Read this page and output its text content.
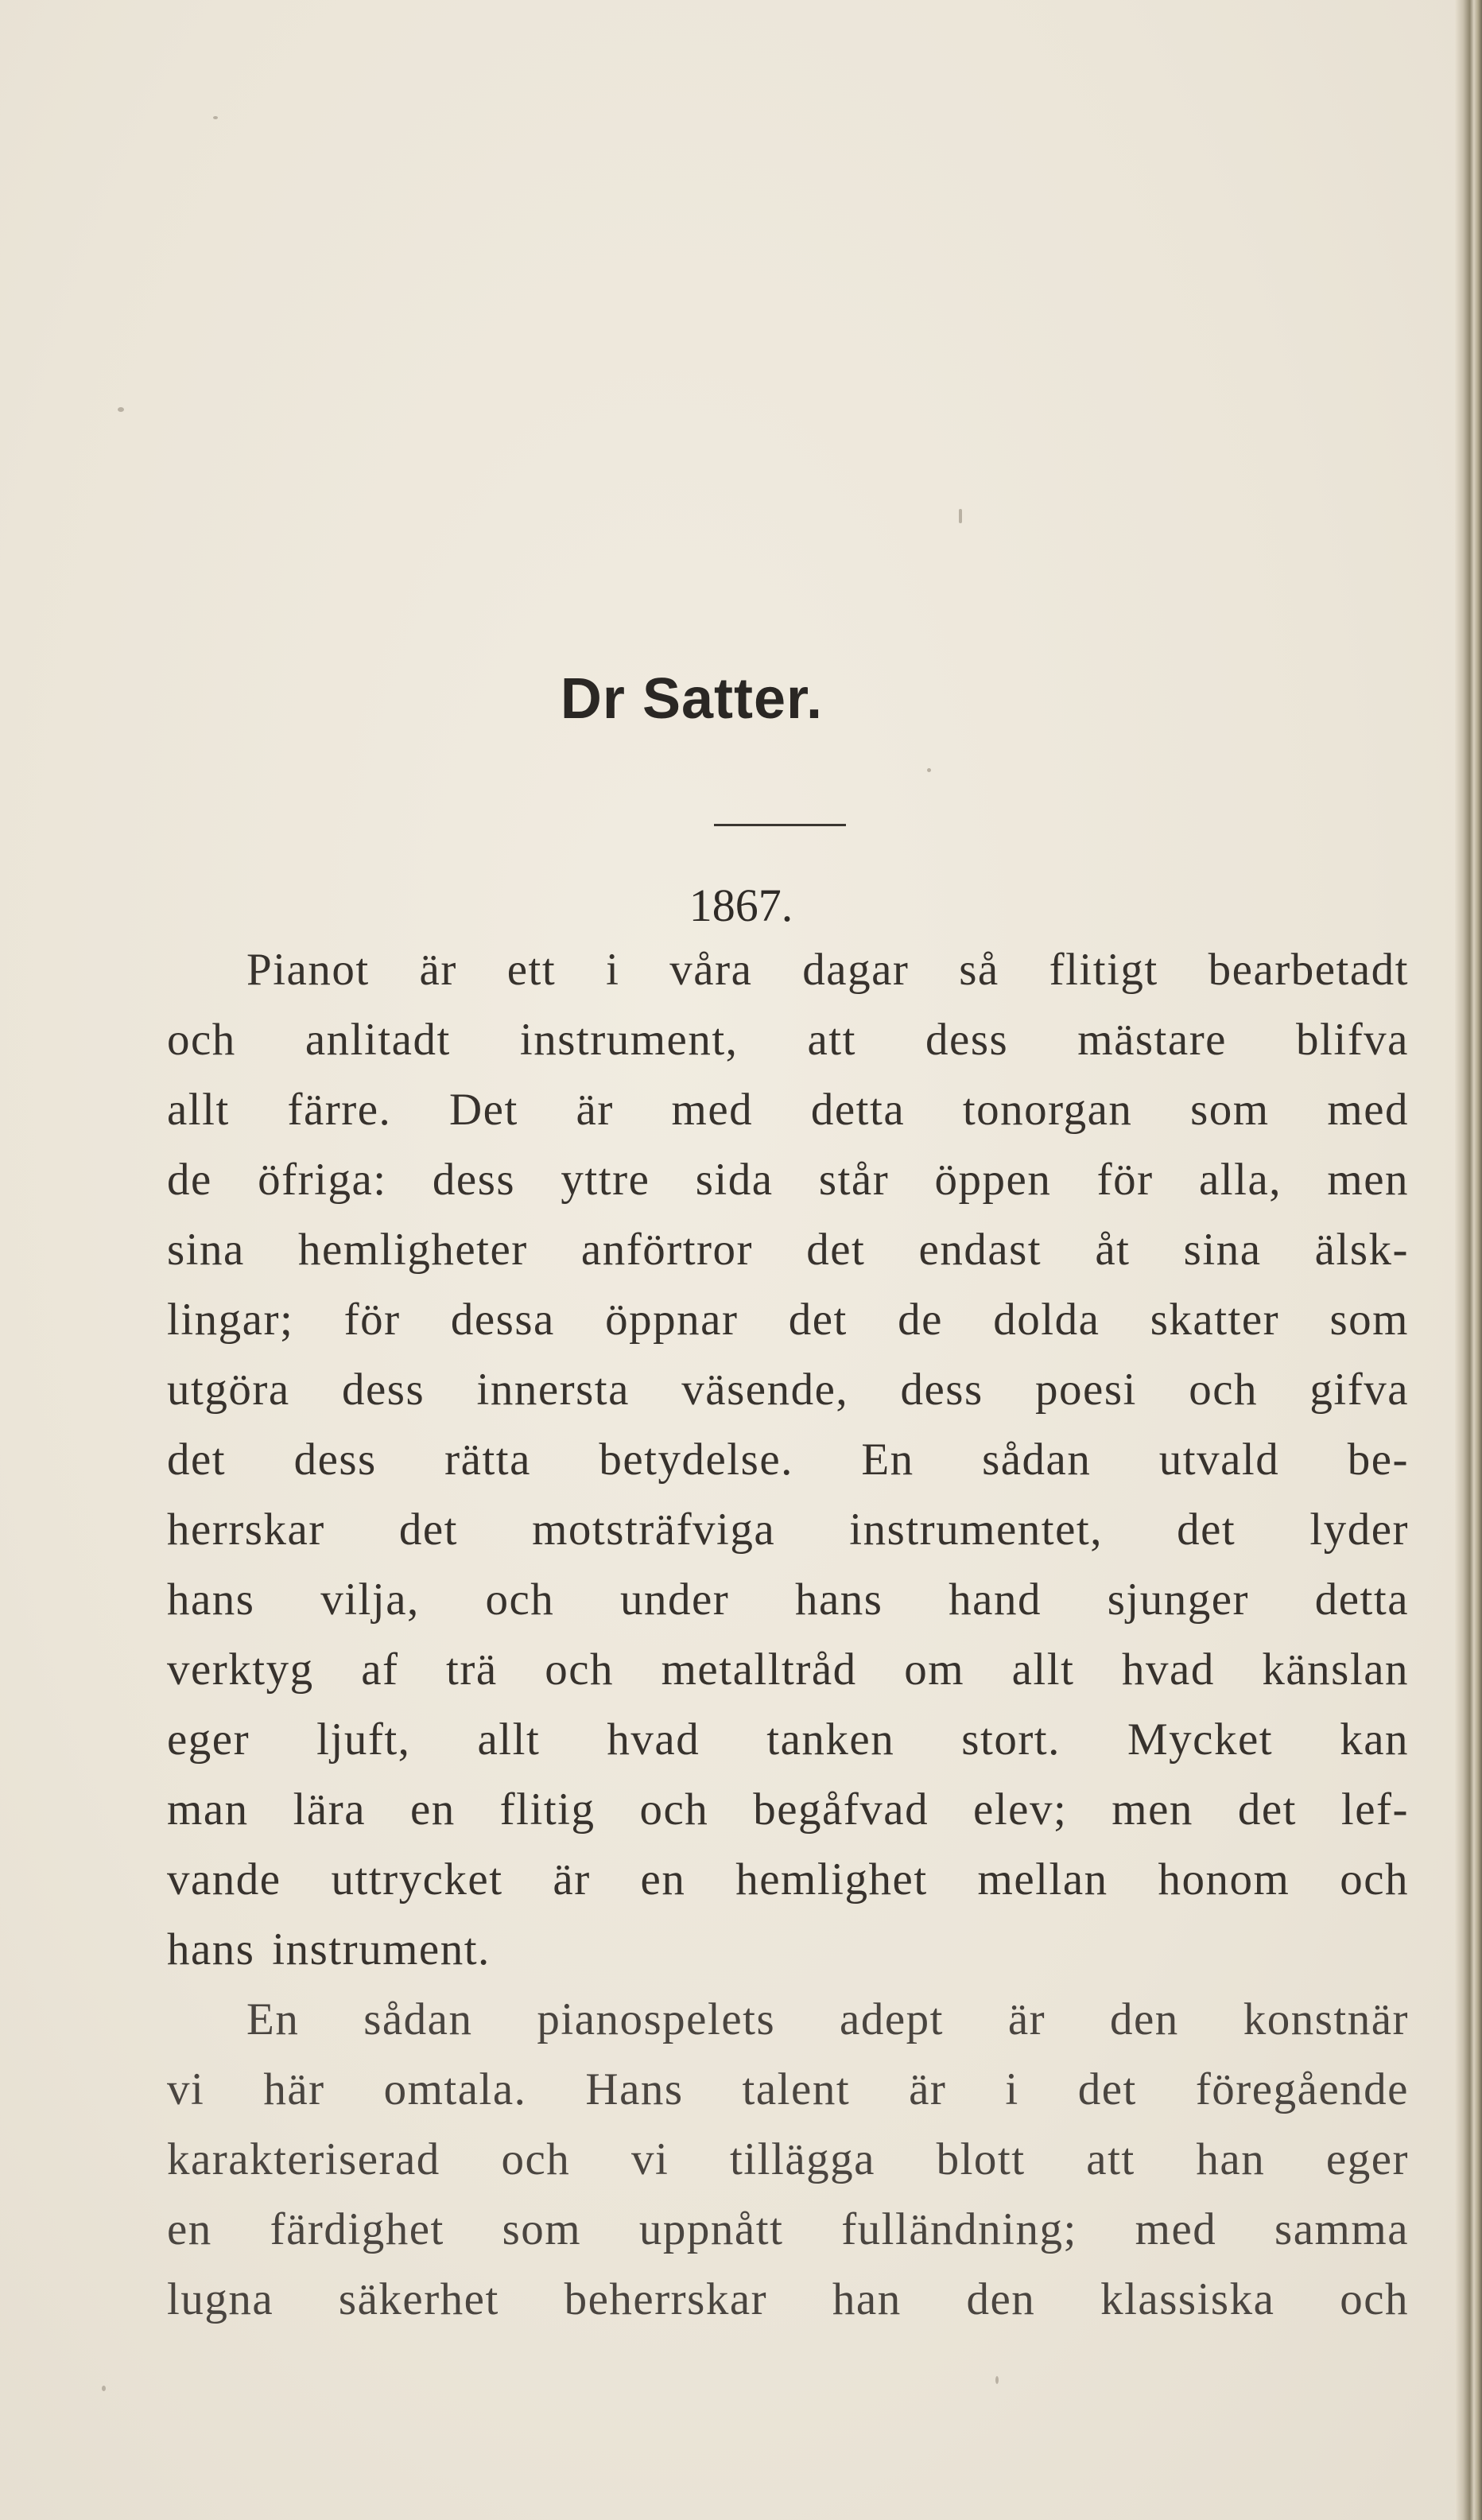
Dr Satter.

1867.

Pianot är ett i våra dagar så flitigt bearbetadt
och anlitadt instrument, att dess mästare blifva
allt färre. Det är med detta tonorgan som med
de öfriga: dess yttre sida står öppen för alla, men
sina hemligheter anförtror det endast åt sina älsk-
lingar; för dessa öppnar det de dolda skatter som
utgöra dess innersta väsende, dess poesi och gifva
det dess rätta betydelse. En sådan utvald be-
herrskar det motsträfviga instrumentet, det lyder
hans vilja, och under hans hand sjunger detta
verktyg af trä och metalltråd om allt hvad känslan
eger ljuft, allt hvad tanken stort. Mycket kan
man lära en flitig och begåfvad elev; men det lef-
vande uttrycket är en hemlighet mellan honom och
hans instrument.
En sådan pianospelets adept är den konstnär
vi här omtala. Hans talent är i det föregående
karakteriserad och vi tillägga blott att han eger
en färdighet som uppnått fulländning; med samma
lugna säkerhet beherrskar han den klassiska och
